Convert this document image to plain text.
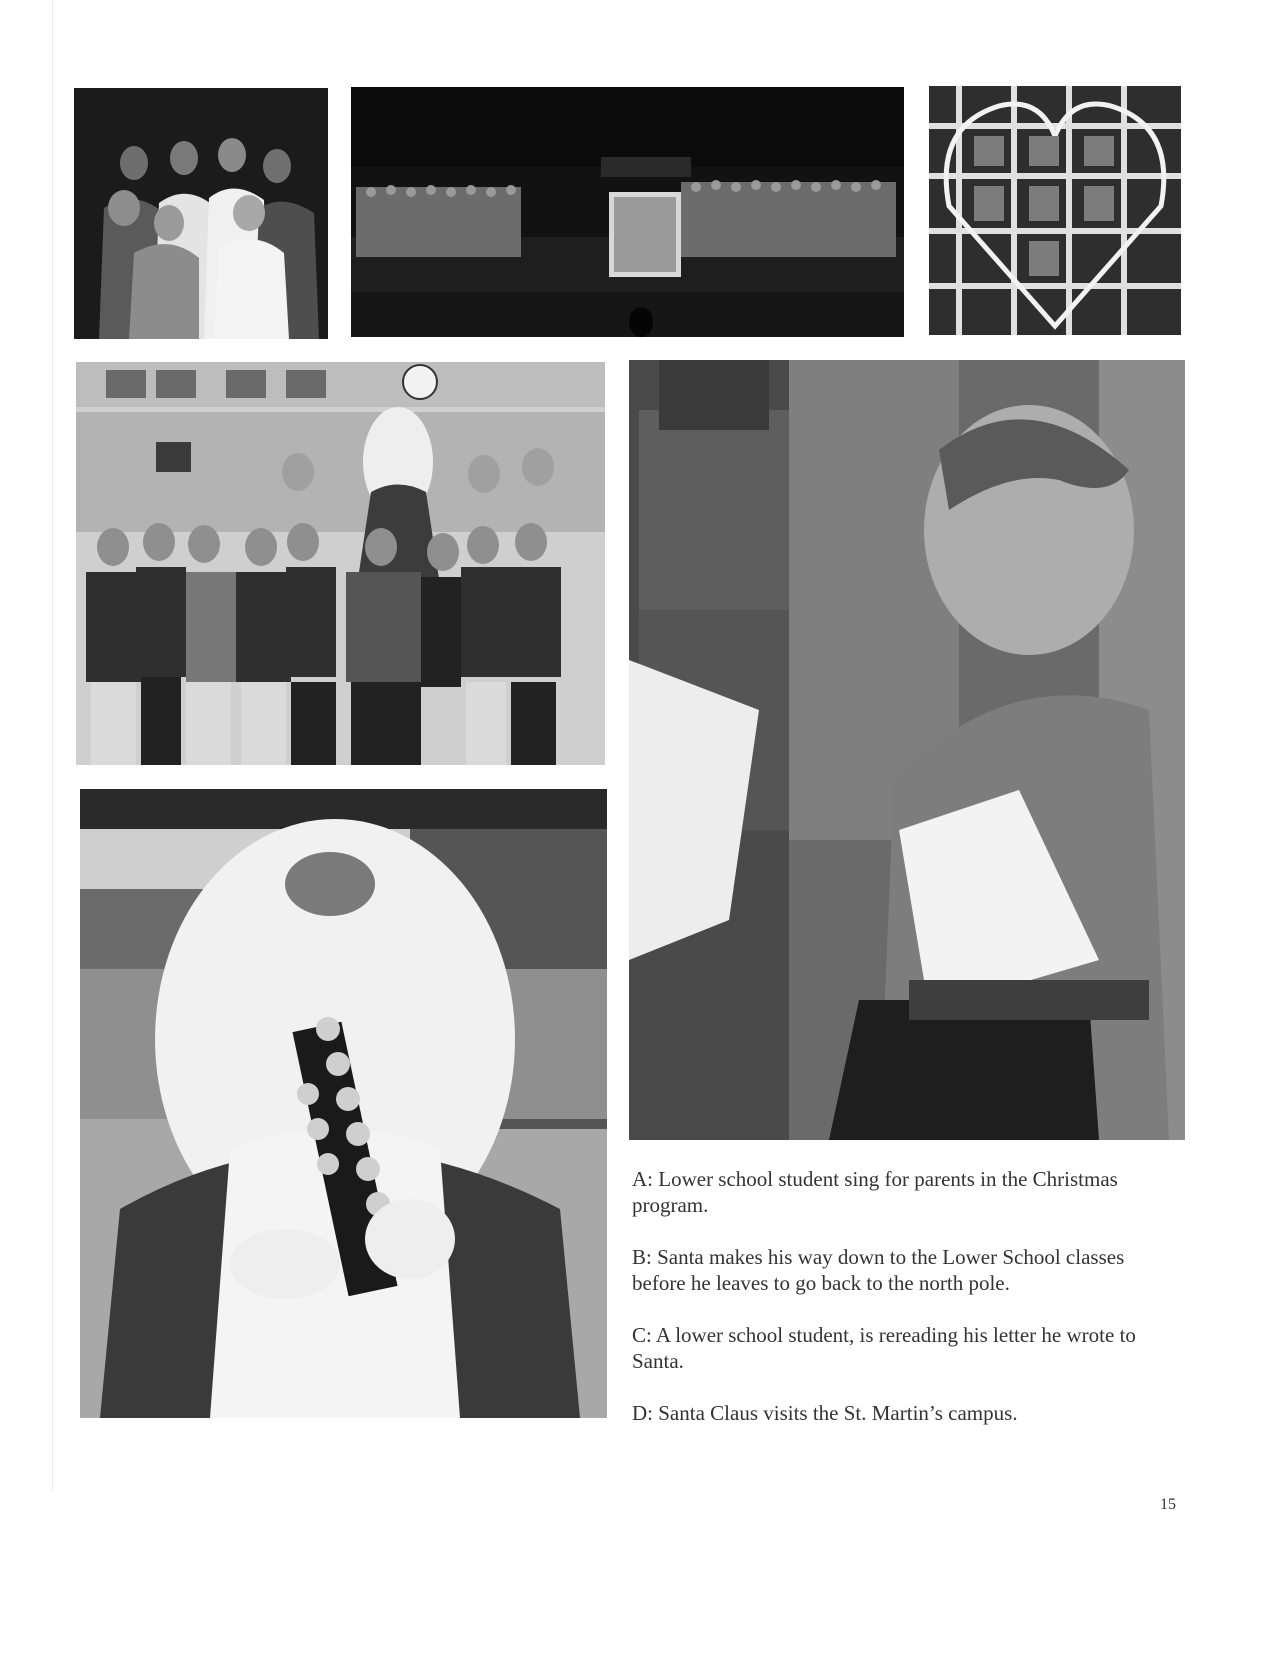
A: Lower school student sing for parents in the Christmas program.

B: Santa makes his way down to the Lower School classes before he leaves to go back to the north pole.

C: A lower school student, is rereading his letter he wrote to Santa.

D: Santa Claus visits the St. Martin’s campus.

15
